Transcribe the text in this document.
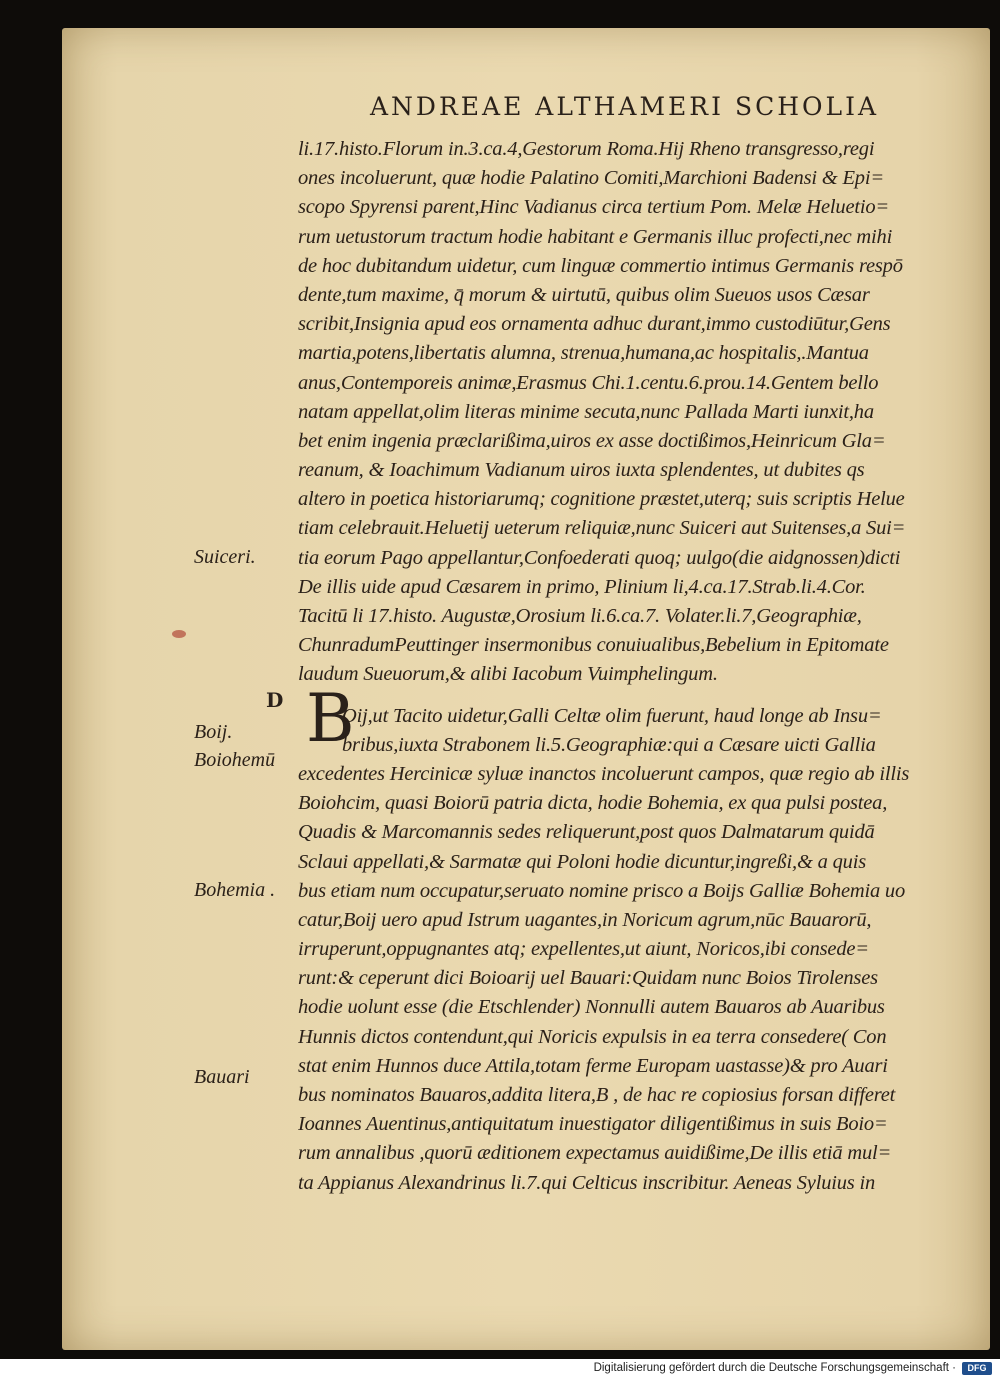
ANDREAE ALTHAMERI SCHOLIA
D B
Suiceri.
Boij.
Boiohemū
Bohemia .
Bauari
li.17.histo.Florum in.3.ca.4,Gestorum Roma.Hij Rheno transgresso,regi
ones incoluerunt, quæ hodie Palatino Comiti,Marchioni Badensi & Epi=
scopo Spyrensi parent,Hinc Vadianus circa tertium Pom. Melæ Heluetio=
rum uetustorum tractum hodie habitant e Germanis illuc profecti,nec mihi
de hoc dubitandum uidetur, cum linguæ commertio intimus Germanis respō
dente,tum maxime, q̄ morum & uirtutū, quibus olim Sueuos usos Cæsar
scribit,Insignia apud eos ornamenta adhuc durant,immo custodiūtur,Gens
martia,potens,libertatis alumna, strenua,humana,ac hospitalis,.Mantua
anus,Contemporeis animæ,Erasmus Chi.1.centu.6.prou.14.Gentem bello
natam appellat,olim literas minime secuta,nunc Pallada Marti iunxit,ha
bet enim ingenia præclarißima,uiros ex asse doctißimos,Heinricum Gla=
reanum, & Ioachimum Vadianum uiros iuxta splendentes, ut dubites qs
altero in poetica historiarumq; cognitione præstet,uterq; suis scriptis Helue
tiam celebrauit.Heluetij ueterum reliquiæ,nunc Suiceri aut Suitenses,a Sui=
tia eorum Pago appellantur,Confoederati quoq; uulgo(die aidgnossen)dicti
De illis uide apud Cæsarem in primo, Plinium li,4.ca.17.Strab.li.4.Cor.
Tacitū li 17.histo. Augustæ,Orosium li.6.ca.7. Volater.li.7,Geographiæ,
ChunradumPeuttinger insermonibus conuiualibus,Bebelium in Epitomate
laudum Sueuorum,& alibi Iacobum Vuimphelingum.
Oij,ut Tacito uidetur,Galli Celtæ olim fuerunt, haud longe ab Insu=
bribus,iuxta Strabonem li.5.Geographiæ:qui a Cæsare uicti Gallia
excedentes Hercinicæ syluæ inanctos incoluerunt campos, quæ regio ab illis
Boiohcim, quasi Boiorū patria dicta, hodie Bohemia, ex qua pulsi postea,
Quadis & Marcomannis sedes reliquerunt,post quos Dalmatarum quidā
Sclaui appellati,& Sarmatæ qui Poloni hodie dicuntur,ingreßi,& a quis
bus etiam num occupatur,seruato nomine prisco a Boijs Galliæ Bohemia uo
catur,Boij uero apud Istrum uagantes,in Noricum agrum,nūc Bauarorū,
irruperunt,oppugnantes atq; expellentes,ut aiunt, Noricos,ibi consede=
runt:& ceperunt dici Boioarij uel Bauari:Quidam nunc Boios Tirolenses
hodie uolunt esse (die Etschlender) Nonnulli autem Bauaros ab Auaribus
Hunnis dictos contendunt,qui Noricis expulsis in ea terra consedere( Con
stat enim Hunnos duce Attila,totam ferme Europam uastasse)& pro Auari
bus nominatos Bauaros,addita litera,B , de hac re copiosius forsan differet
Ioannes Auentinus,antiquitatum inuestigator diligentißimus in suis Boio=
rum annalibus ,quorū æditionem expectamus auidißime,De illis etiā mul=
ta Appianus Alexandrinus li.7.qui Celticus inscribitur. Aeneas Syluius in
Digitalisierung gefördert durch die Deutsche Forschungsgemeinschaft ·	DFG
